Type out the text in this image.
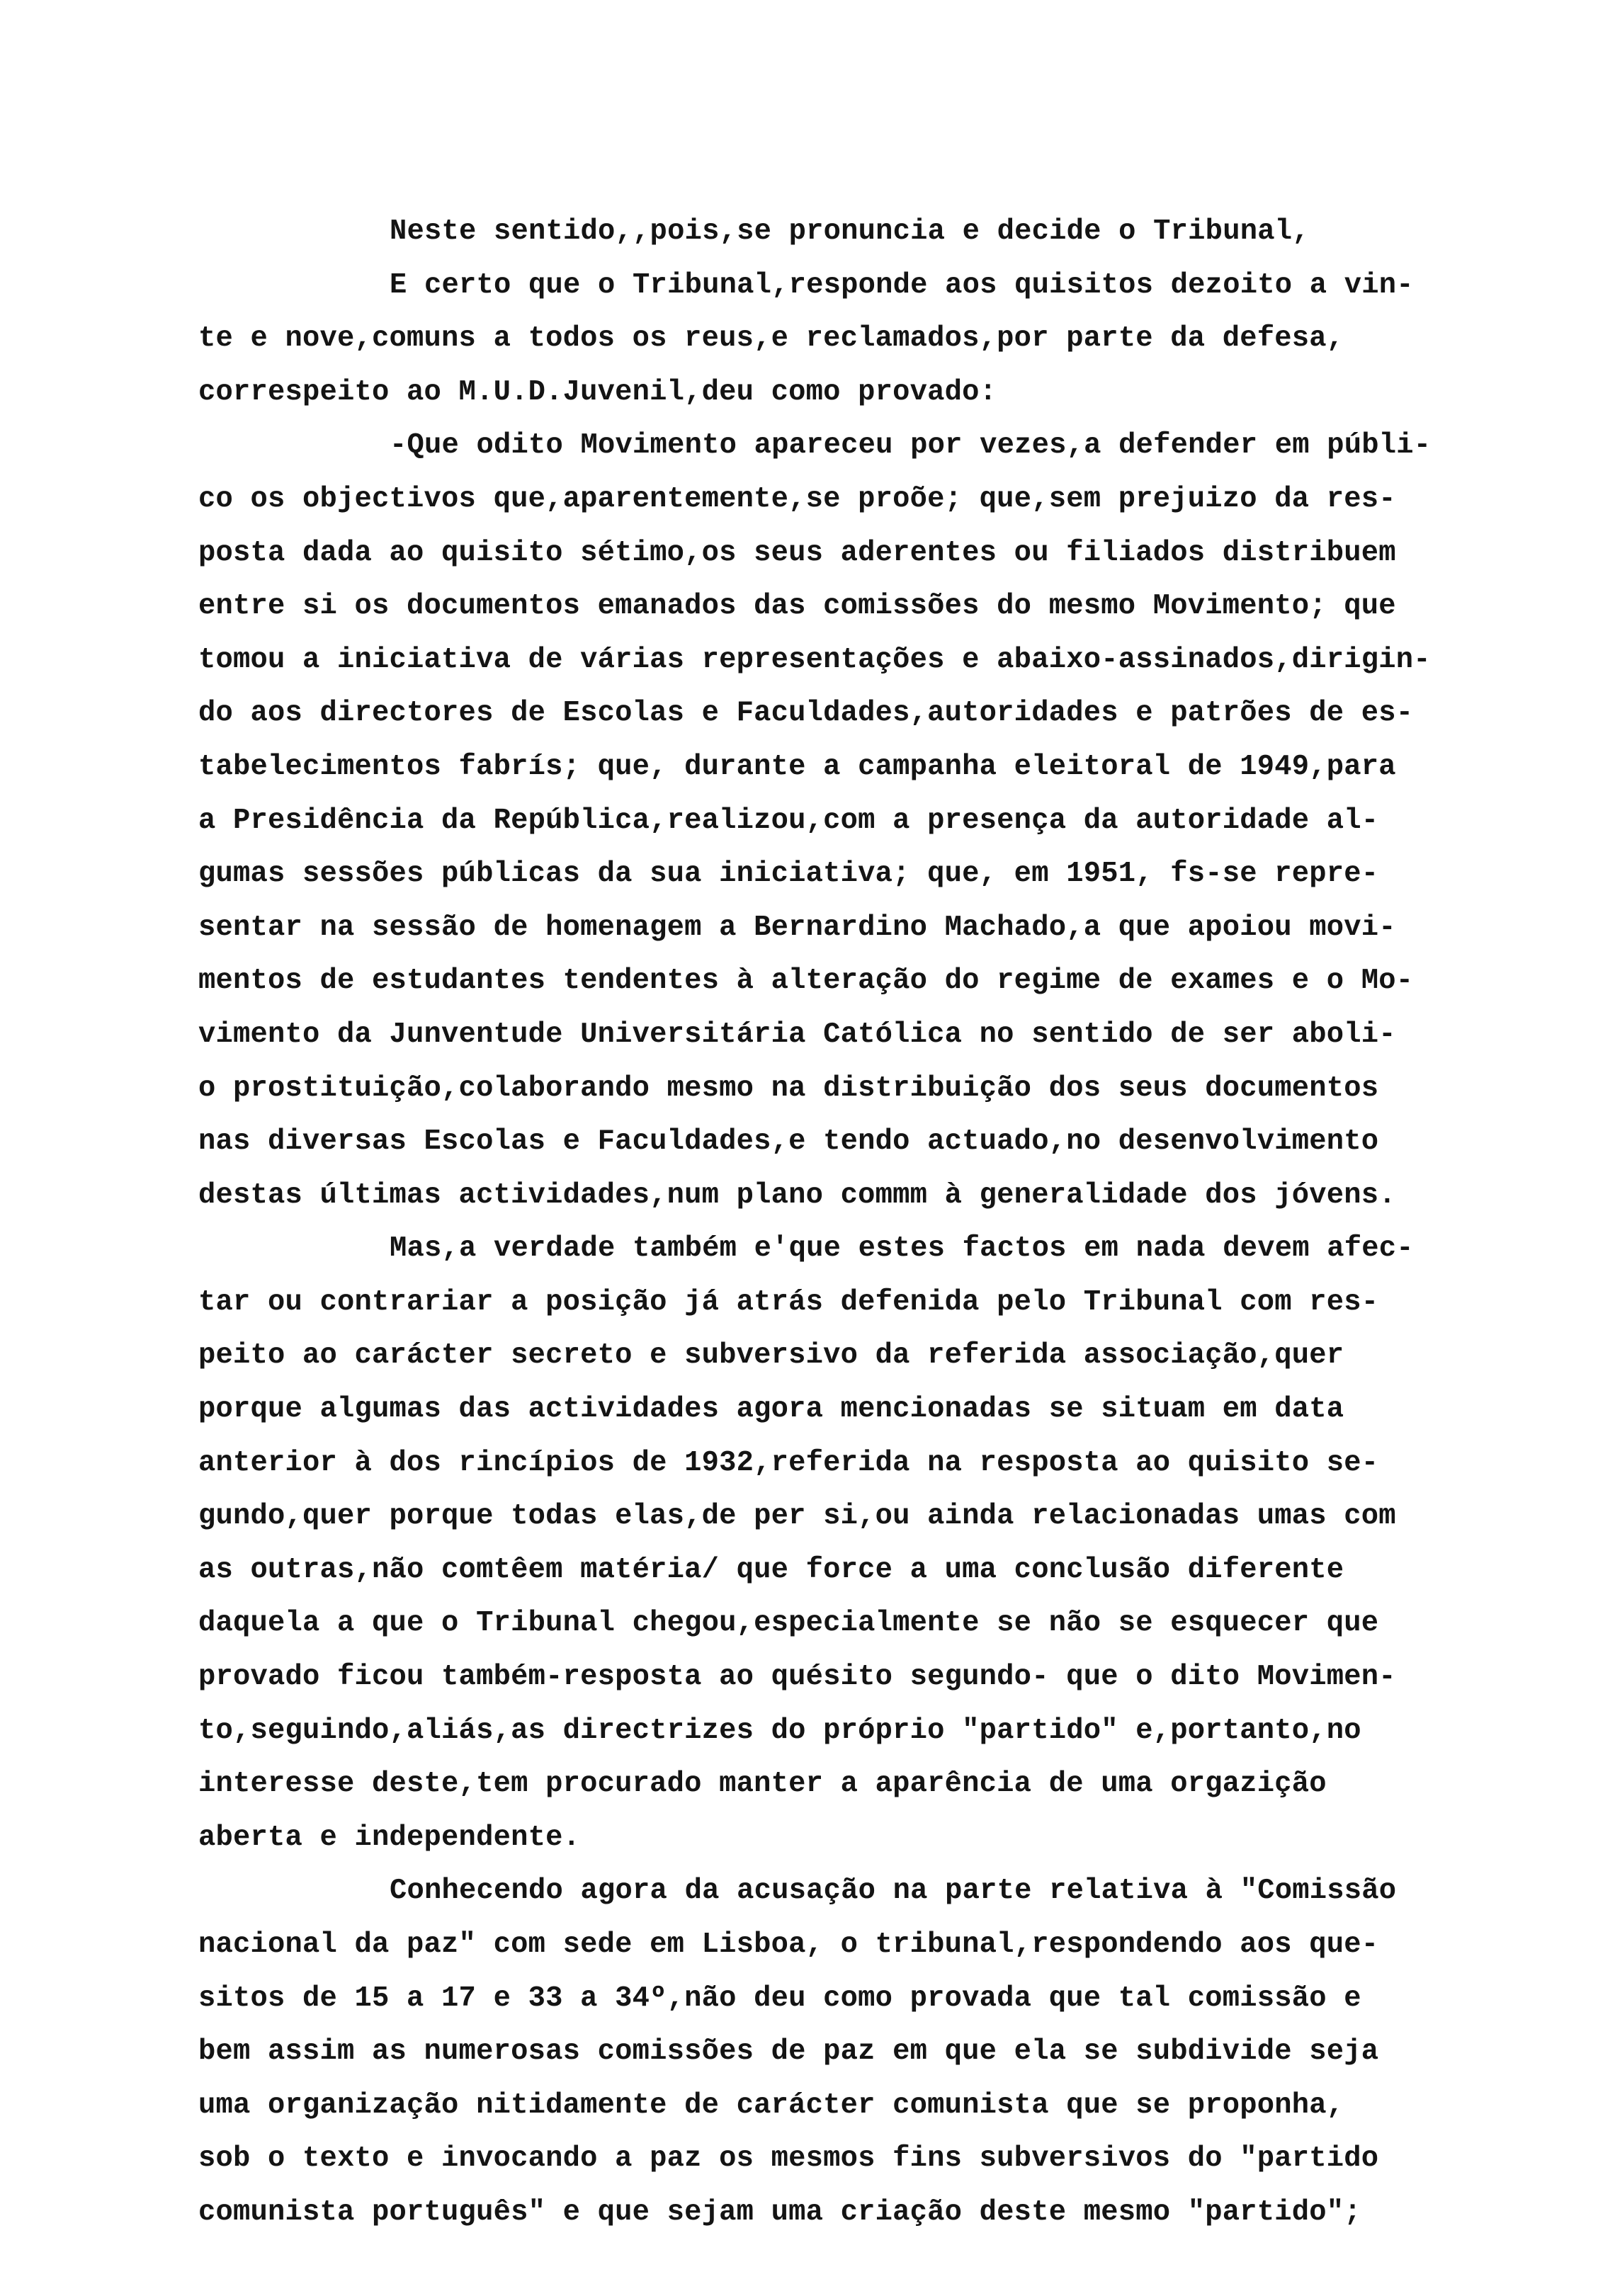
Neste sentido,,pois,se pronuncia e decide o Tribunal,
E certo que o Tribunal,responde aos quisitos dezoito a vin-
te e nove,comuns a todos os reus,e reclamados,por parte da defesa,
correspeito ao M.U.D.Juvenil,deu como provado:
-Que odito Movimento apareceu por vezes,a defender em públi-
co os objectivos que,aparentemente,se proõe; que,sem prejuizo da res-
posta dada ao quisito sétimo,os seus aderentes ou filiados distribuem
entre si os documentos emanados das comissões do mesmo Movimento; que
tomou a iniciativa de várias representações e abaixo-assinados,dirigin-
do aos directores de Escolas e Faculdades,autoridades e patrões de es-
tabelecimentos fabrís; que, durante a campanha eleitoral de 1949,para
a Presidência da República,realizou,com a presença da autoridade al-
gumas sessões públicas da sua iniciativa; que, em 1951, fs-se repre-
sentar na sessão de homenagem a Bernardino Machado,a que apoiou movi-
mentos de estudantes tendentes à alteração do regime de exames e o Mo-
vimento da Junventude Universitária Católica no sentido de ser aboli-
o prostituição,colaborando mesmo na distribuição dos seus documentos
nas diversas Escolas e Faculdades,e tendo actuado,no desenvolvimento
destas últimas actividades,num plano commm à generalidade dos jóvens.
Mas,a verdade também e'que estes factos em nada devem afec-
tar ou contrariar a posição já atrás defenida pelo Tribunal com res-
peito ao carácter secreto e subversivo da referida associação,quer
porque algumas das actividades agora mencionadas se situam em data
anterior à dos rincípios de 1932,referida na resposta ao quisito se-
gundo,quer porque todas elas,de per si,ou ainda relacionadas umas com
as outras,não comtêem matéria/ que force a uma conclusão diferente
daquela a que o Tribunal chegou,especialmente se não se esquecer que
provado ficou também-resposta ao quésito segundo- que o dito Movimen-
to,seguindo,aliás,as directrizes do próprio "partido" e,portanto,no
interesse deste,tem procurado manter a aparência de uma orgazição
aberta e independente.
Conhecendo agora da acusação na parte relativa à "Comissão
nacional da paz" com sede em Lisboa, o tribunal,respondendo aos que-
sitos de 15 a 17 e 33 a 34º,não deu como provada que tal comissão e
bem assim as numerosas comissões de paz em que ela se subdivide seja
uma organização nitidamente de carácter comunista que se proponha,
sob o texto e invocando a paz os mesmos fins subversivos do "partido
comunista português" e que sejam uma criação deste mesmo "partido";
